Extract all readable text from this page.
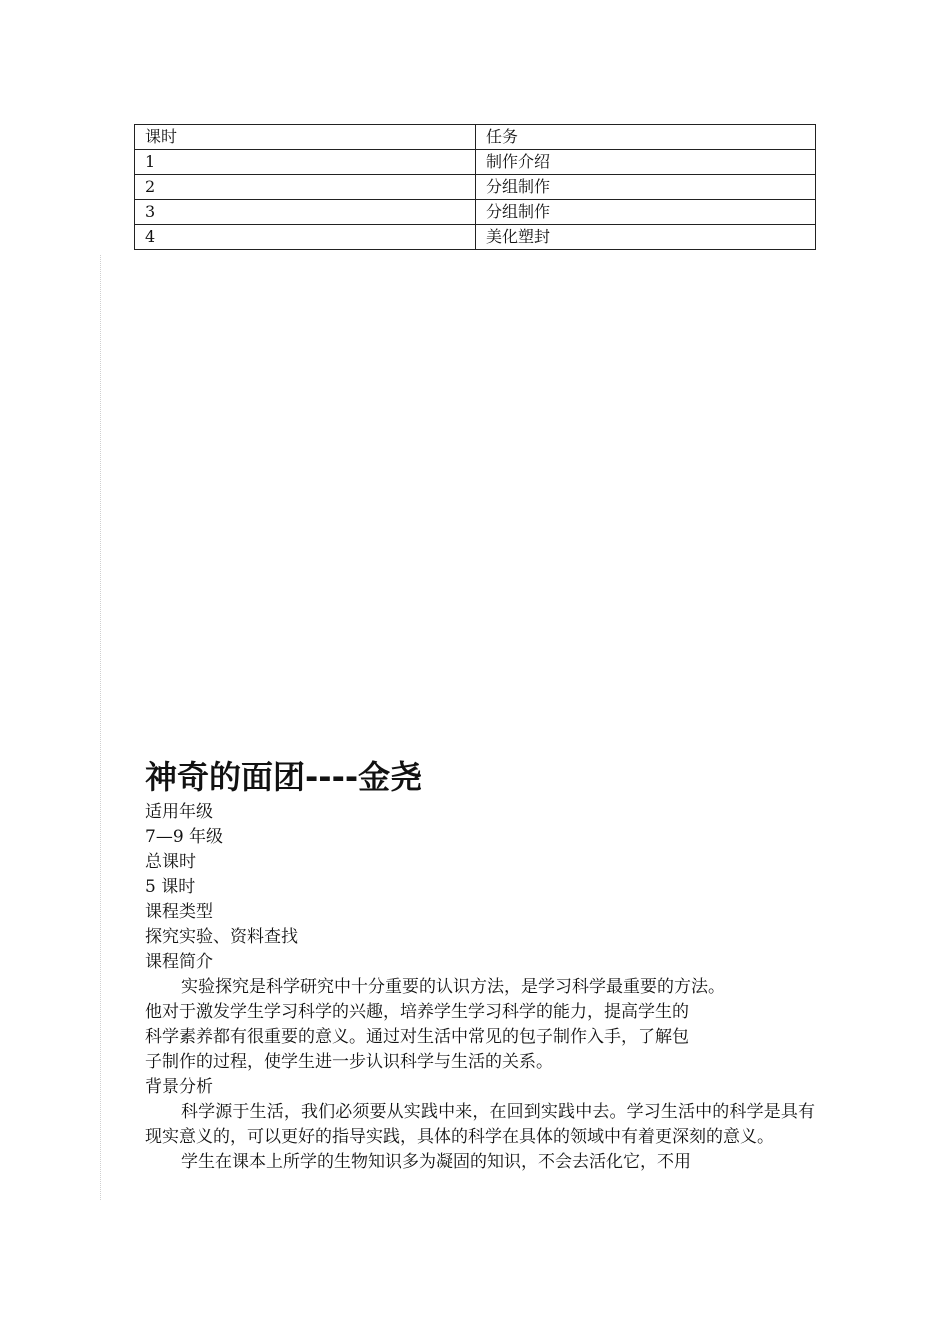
课时	任务
1	制作介绍
2	分组制作
3	分组制作
4	美化塑封
神奇的面团----金尧
适用年级
7—9 年级
总课时
5 课时
课程类型
探究实验、资料查找
课程简介
实验探究是科学研究中十分重要的认识方法，是学习科学最重要的方法。
他对于激发学生学习科学的兴趣，培养学生学习科学的能力，提高学生的
科学素养都有很重要的意义。通过对生活中常见的包子制作入手，了解包
子制作的过程，使学生进一步认识科学与生活的关系。
背景分析

科学源于生活，我们必须要从实践中来，在回到实践中去。学习生活中的科学是具有现实意义的，可以更好的指导实践，具体的科学在具体的领域中有着更深刻的意义。

学生在课本上所学的生物知识多为凝固的知识，不会去活化它，不用
